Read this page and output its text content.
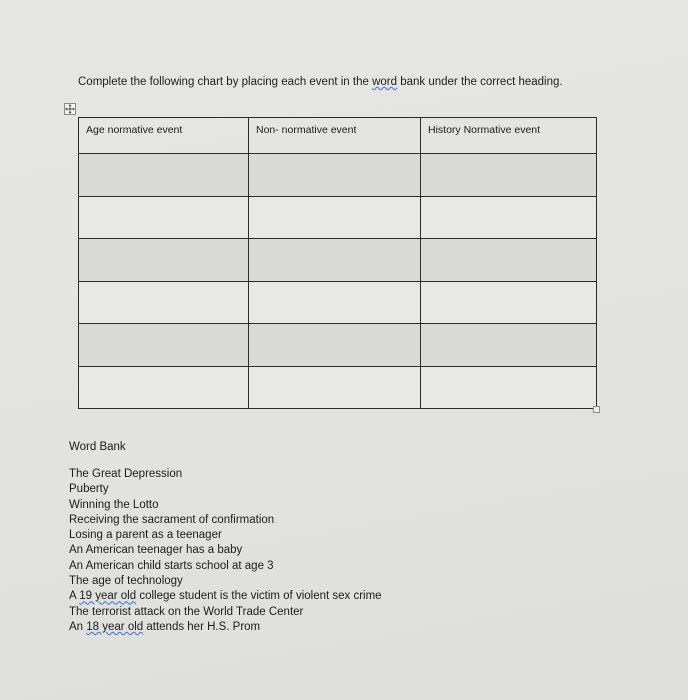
Complete the following chart by placing each event in the word bank under the correct heading.
Age normative event	Non- normative event	History Normative event

Word Bank
The Great Depression
Puberty
Winning the Lotto
Receiving the sacrament of confirmation
Losing a parent as a teenager
An American teenager has a baby
An American child starts school at age 3
The age of technology
A 19 year old college student is the victim of violent sex crime
The terrorist attack on the World Trade Center
An 18 year old attends her H.S. Prom
